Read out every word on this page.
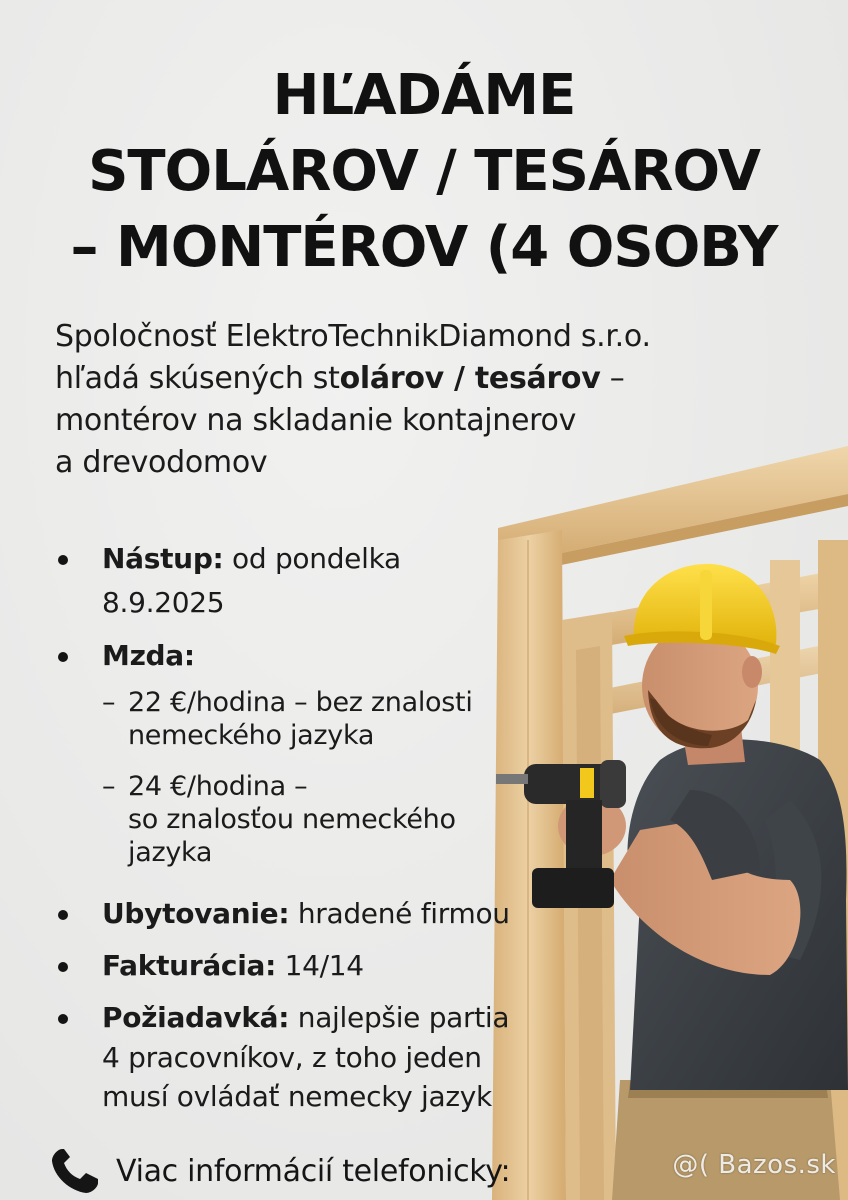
HĽADÁME
STOLÁROV / TESÁROV
– MONTÉROV (4 OSOBY

Spoločnosť ElektroTechnikDiamond s.r.o.
hľadá skúsených stolárov / tesárov –
montérov na skladanie kontajnerov
a drevodomov

Nástup: od pondelka
8.9.2025
Mzda:
– 22 €/hodina – bez znalosti
nemeckého jazyka
– 24 €/hodina –
so znalosťou nemeckého
jazyka
Ubytovanie: hradené firmou
Fakturácia: 14/14
Požiadavká: najlepšie partia
4 pracovníkov, z toho jeden
musí ovládať nemecky jazyk
Viac informácií telefonicky:	@( Bazos.sk
